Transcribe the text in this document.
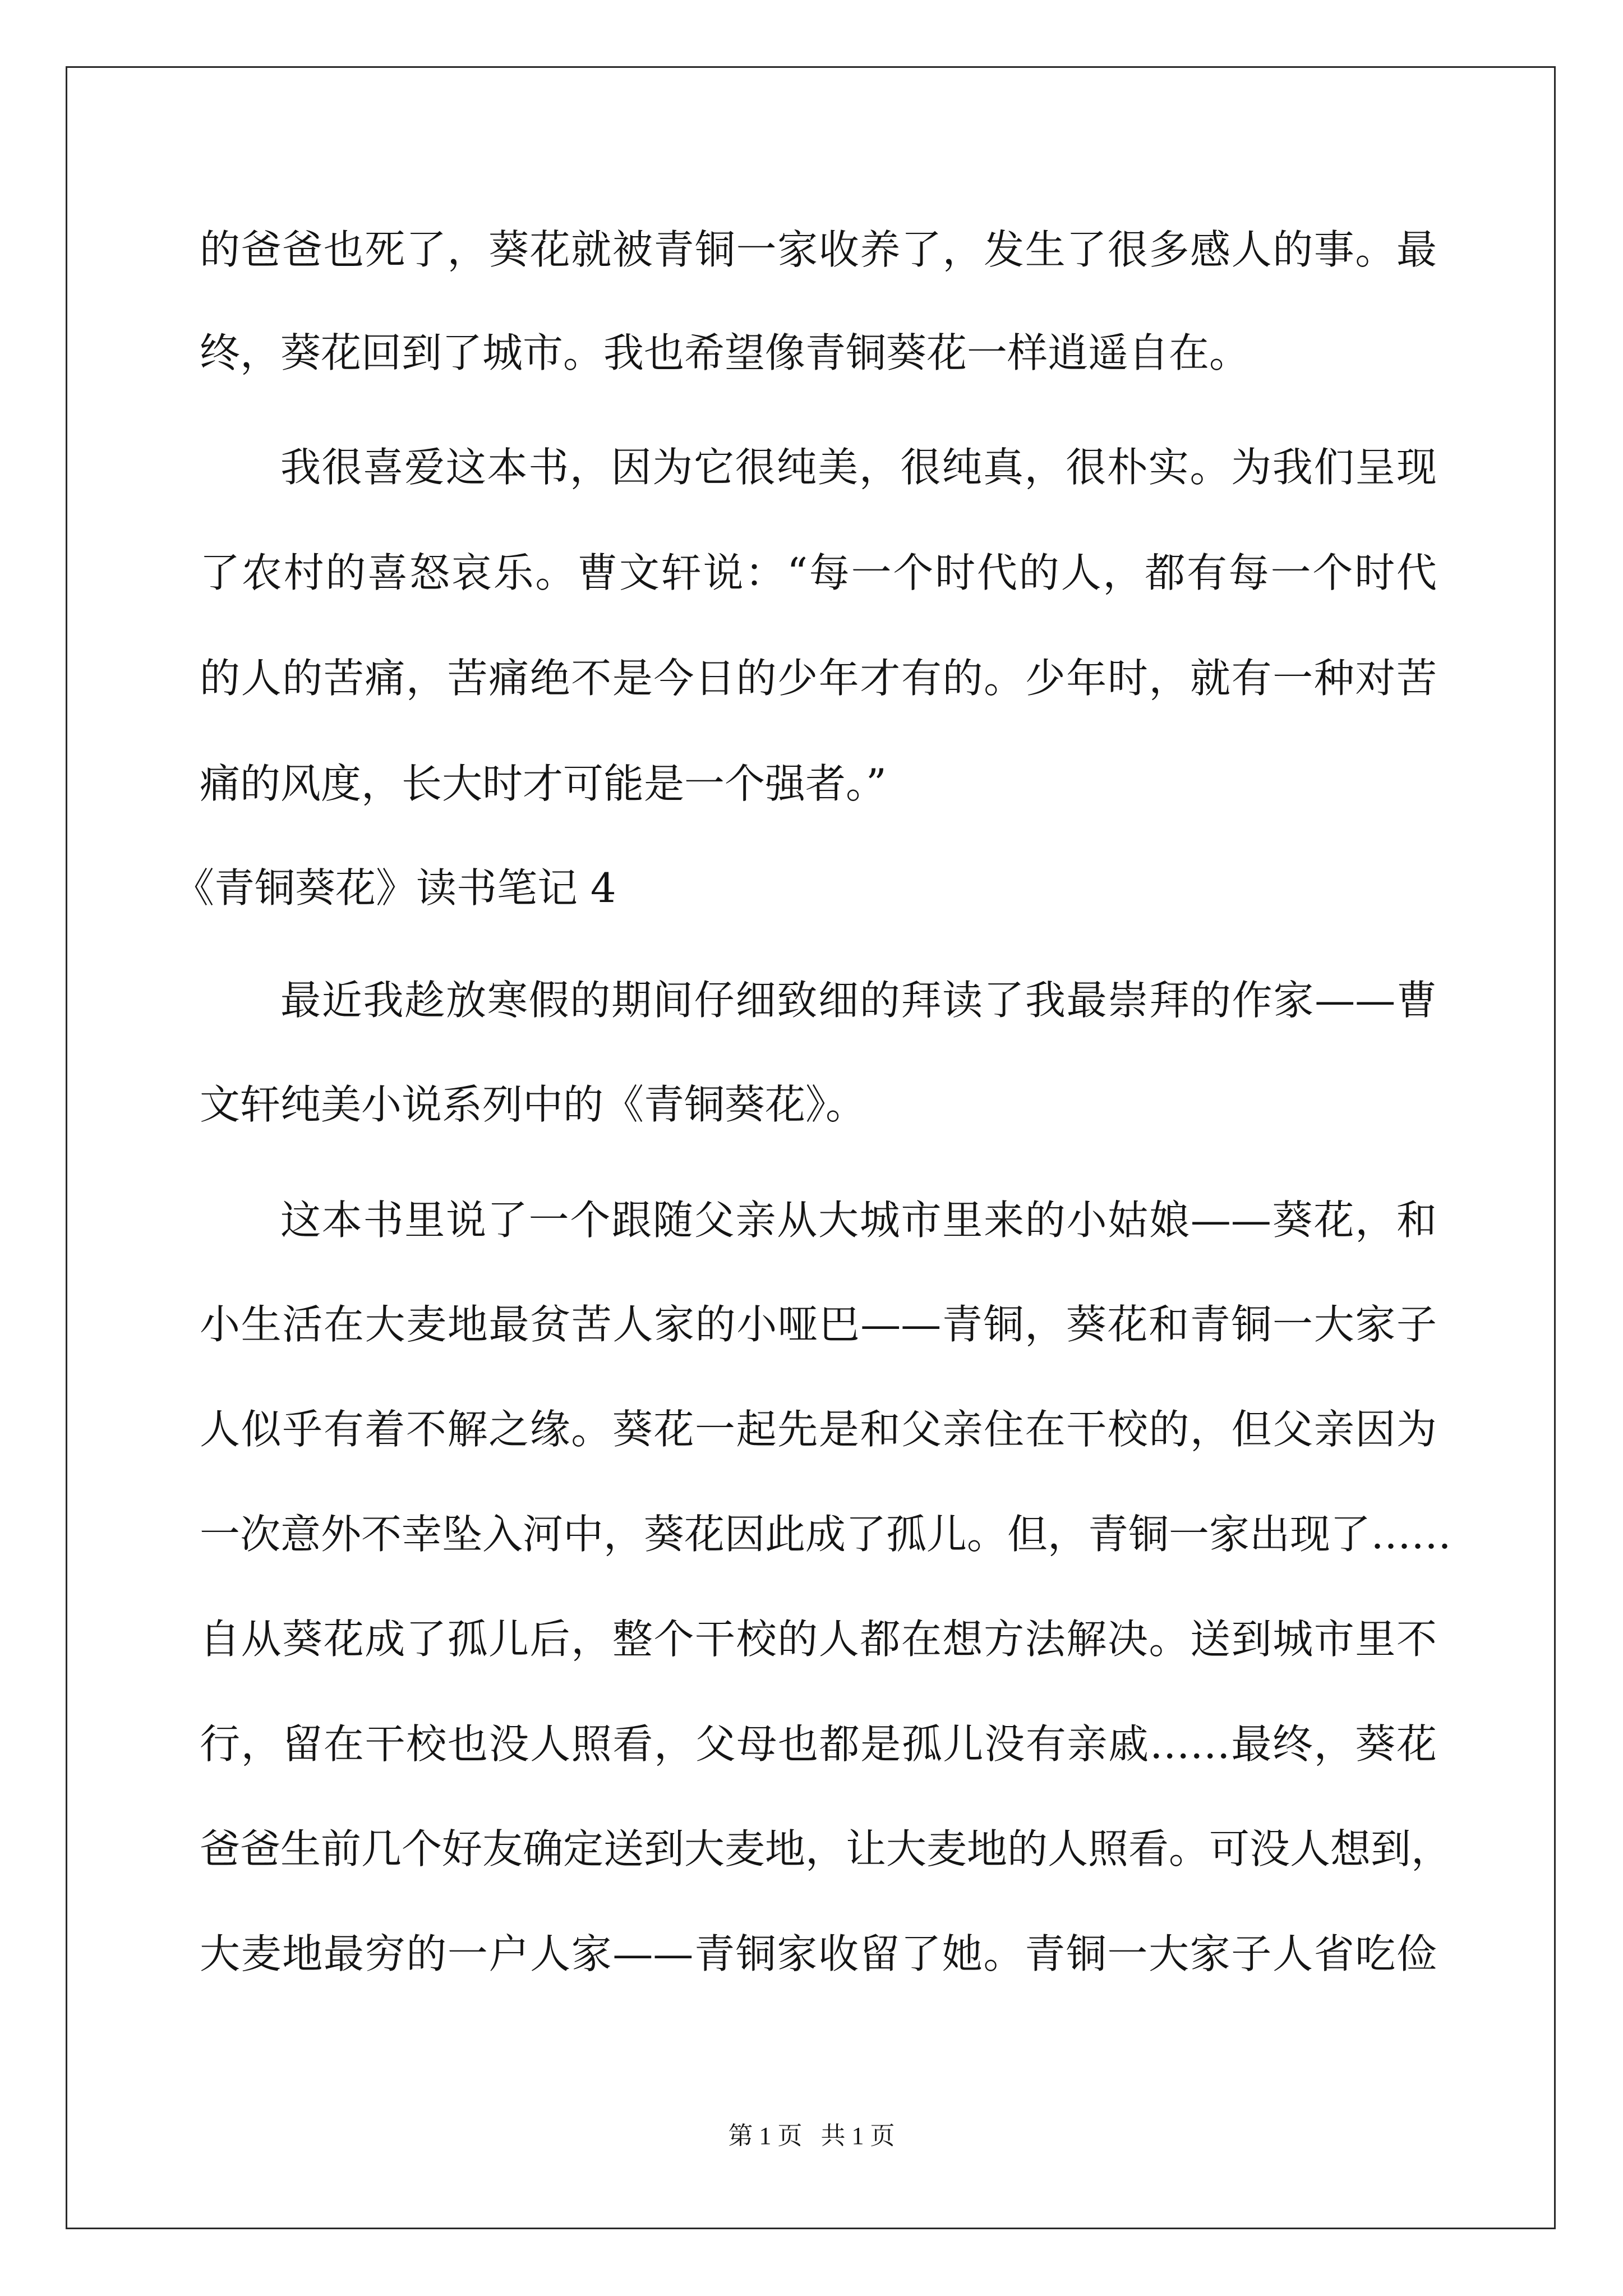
的爸爸也死了，葵花就被青铜一家收养了，发生了很多感人的事。最
终，葵花回到了城市。我也希望像青铜葵花一样逍遥自在。
我很喜爱这本书，因为它很纯美，很纯真，很朴实。为我们呈现
了农村的喜怒哀乐。曹文轩说：“每一个时代的人，都有每一个时代
的人的苦痛，苦痛绝不是今日的少年才有的。少年时，就有一种对苦
痛的风度，长大时才可能是一个强者。”
《青铜葵花》读书笔记 4
最近我趁放寒假的期间仔细致细的拜读了我最崇拜的作家——曹
文轩纯美小说系列中的《青铜葵花》。
这本书里说了一个跟随父亲从大城市里来的小姑娘——葵花，和
小生活在大麦地最贫苦人家的小哑巴——青铜，葵花和青铜一大家子
人似乎有着不解之缘。葵花一起先是和父亲住在干校的，但父亲因为
一次意外不幸坠入河中，葵花因此成了孤儿。但，青铜一家出现了……
自从葵花成了孤儿后，整个干校的人都在想方法解决。送到城市里不
行，留在干校也没人照看，父母也都是孤儿没有亲戚……最终，葵花
爸爸生前几个好友确定送到大麦地，让大麦地的人照看。可没人想到，
大麦地最穷的一户人家——青铜家收留了她。青铜一大家子人省吃俭
第 1 页   共 1 页
